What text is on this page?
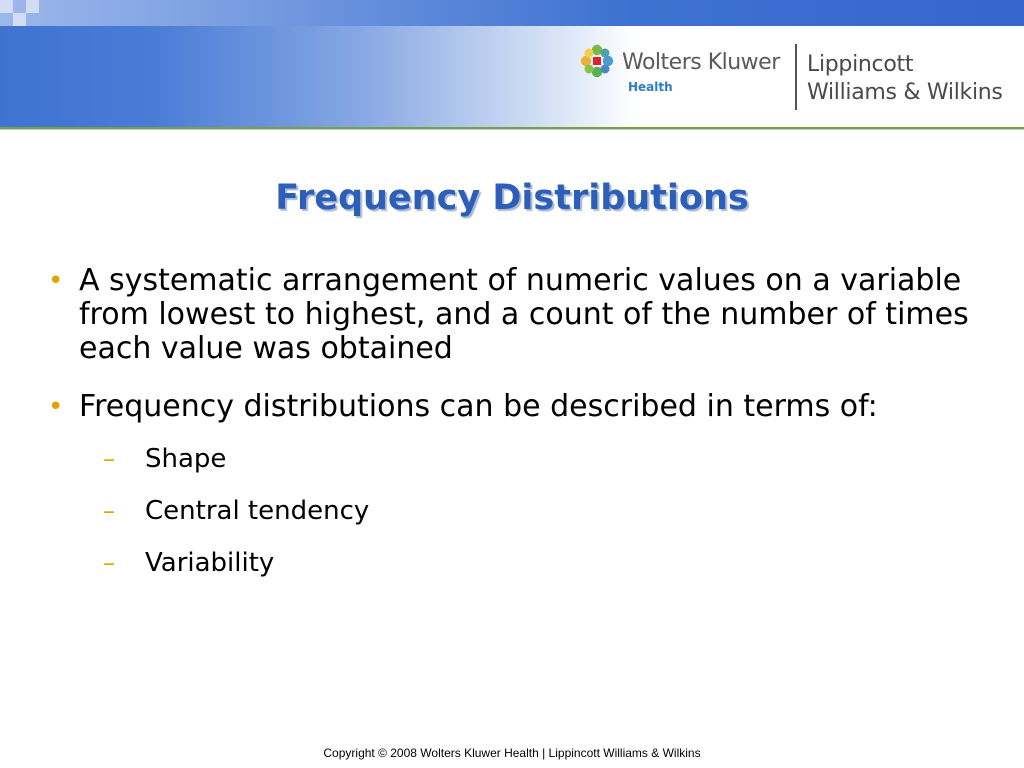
Wolters Kluwer
Health
Lippincott
Williams & Wilkins
Frequency Distributions
• A systematic arrangement of numeric values on a variable from lowest to highest, and a count of the number of times each value was obtained
• Frequency distributions can be described in terms of:
– Shape
– Central tendency
– Variability
Copyright © 2008 Wolters Kluwer Health | Lippincott Williams & Wilkins
